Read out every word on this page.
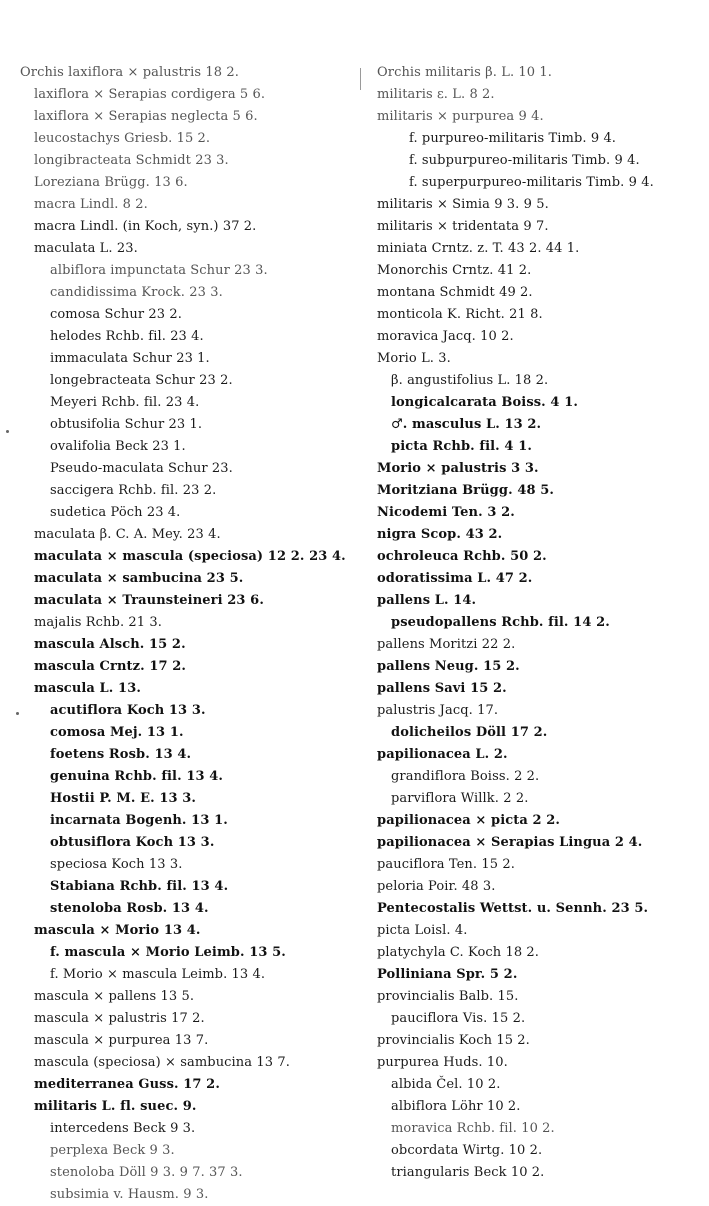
Orchis laxiflora × palustris 18 2.
laxiflora × Serapias cordigera 5 6.
laxiflora × Serapias neglecta 5 6.
leucostachys Griesb. 15 2.
longibracteata Schmidt 23 3.
Loreziana Brügg. 13 6.
macra Lindl. 8 2.
macra Lindl. (in Koch, syn.) 37 2.
maculata L. 23.
albiflora impunctata Schur 23 3.
candidissima Krock. 23 3.
comosa Schur 23 2.
helodes Rchb. fil. 23 4.
immaculata Schur 23 1.
longebracteata Schur 23 2.
Meyeri Rchb. fil. 23 4.
obtusifolia Schur 23 1.
ovalifolia Beck 23 1.
Pseudo-maculata Schur 23.
saccigera Rchb. fil. 23 2.
sudetica Pöch 23 4.
maculata β. C. A. Mey. 23 4.
maculata × mascula (speciosa) 12 2. 23 4.
maculata × sambucina 23 5.
maculata × Traunsteineri 23 6.
majalis Rchb. 21 3.
mascula Alsch. 15 2.
mascula Crntz. 17 2.
mascula L. 13.
acutiflora Koch 13 3.
comosa Mej. 13 1.
foetens Rosb. 13 4.
genuina Rchb. fil. 13 4.
Hostii P. M. E. 13 3.
incarnata Bogenh. 13 1.
obtusiflora Koch 13 3.
speciosa Koch 13 3.
Stabiana Rchb. fil. 13 4.
stenoloba Rosb. 13 4.
mascula × Morio 13 4.
f. mascula × Morio Leimb. 13 5.
f. Morio × mascula Leimb. 13 4.
mascula × pallens 13 5.
mascula × palustris 17 2.
mascula × purpurea 13 7.
mascula (speciosa) × sambucina 13 7.
mediterranea Guss. 17 2.
militaris L. fl. suec. 9.
intercedens Beck 9 3.
perplexa Beck 9 3.
stenoloba Döll 9 3. 9 7. 37 3.
subsimia v. Hausm. 9 3.
Orchis militaris β. L. 10 1.
militaris ε. L. 8 2.
militaris × purpurea 9 4.
f. purpureo-militaris Timb. 9 4.
f. subpurpureo-militaris Timb. 9 4.
f. superpurpureo-militaris Timb. 9 4.
militaris × Simia 9 3. 9 5.
militaris × tridentata 9 7.
miniata Crntz. z. T. 43 2. 44 1.
Monorchis Crntz. 41 2.
montana Schmidt 49 2.
monticola K. Richt. 21 8.
moravica Jacq. 10 2.
Morio L. 3.
β. angustifolius L. 18 2.
longicalcarata Boiss. 4 1.
♂. masculus L. 13 2.
picta Rchb. fil. 4 1.
Morio × palustris 3 3.
Moritziana Brügg. 48 5.
Nicodemi Ten. 3 2.
nigra Scop. 43 2.
ochroleuca Rchb. 50 2.
odoratissima L. 47 2.
pallens L. 14.
pseudopallens Rchb. fil. 14 2.
pallens Moritzi 22 2.
pallens Neug. 15 2.
pallens Savi 15 2.
palustris Jacq. 17.
dolicheilos Döll 17 2.
papilionacea L. 2.
grandiflora Boiss. 2 2.
parviflora Willk. 2 2.
papilionacea × picta 2 2.
papilionacea × Serapias Lingua 2 4.
pauciflora Ten. 15 2.
peloria Poir. 48 3.
Pentecostalis Wettst. u. Sennh. 23 5.
picta Loisl. 4.
platychyla C. Koch 18 2.
Polliniana Spr. 5 2.
provincialis Balb. 15.
pauciflora Vis. 15 2.
provincialis Koch 15 2.
purpurea Huds. 10.
albida Čel. 10 2.
albiflora Löhr 10 2.
moravica Rchb. fil. 10 2.
obcordata Wirtg. 10 2.
triangularis Beck 10 2.
